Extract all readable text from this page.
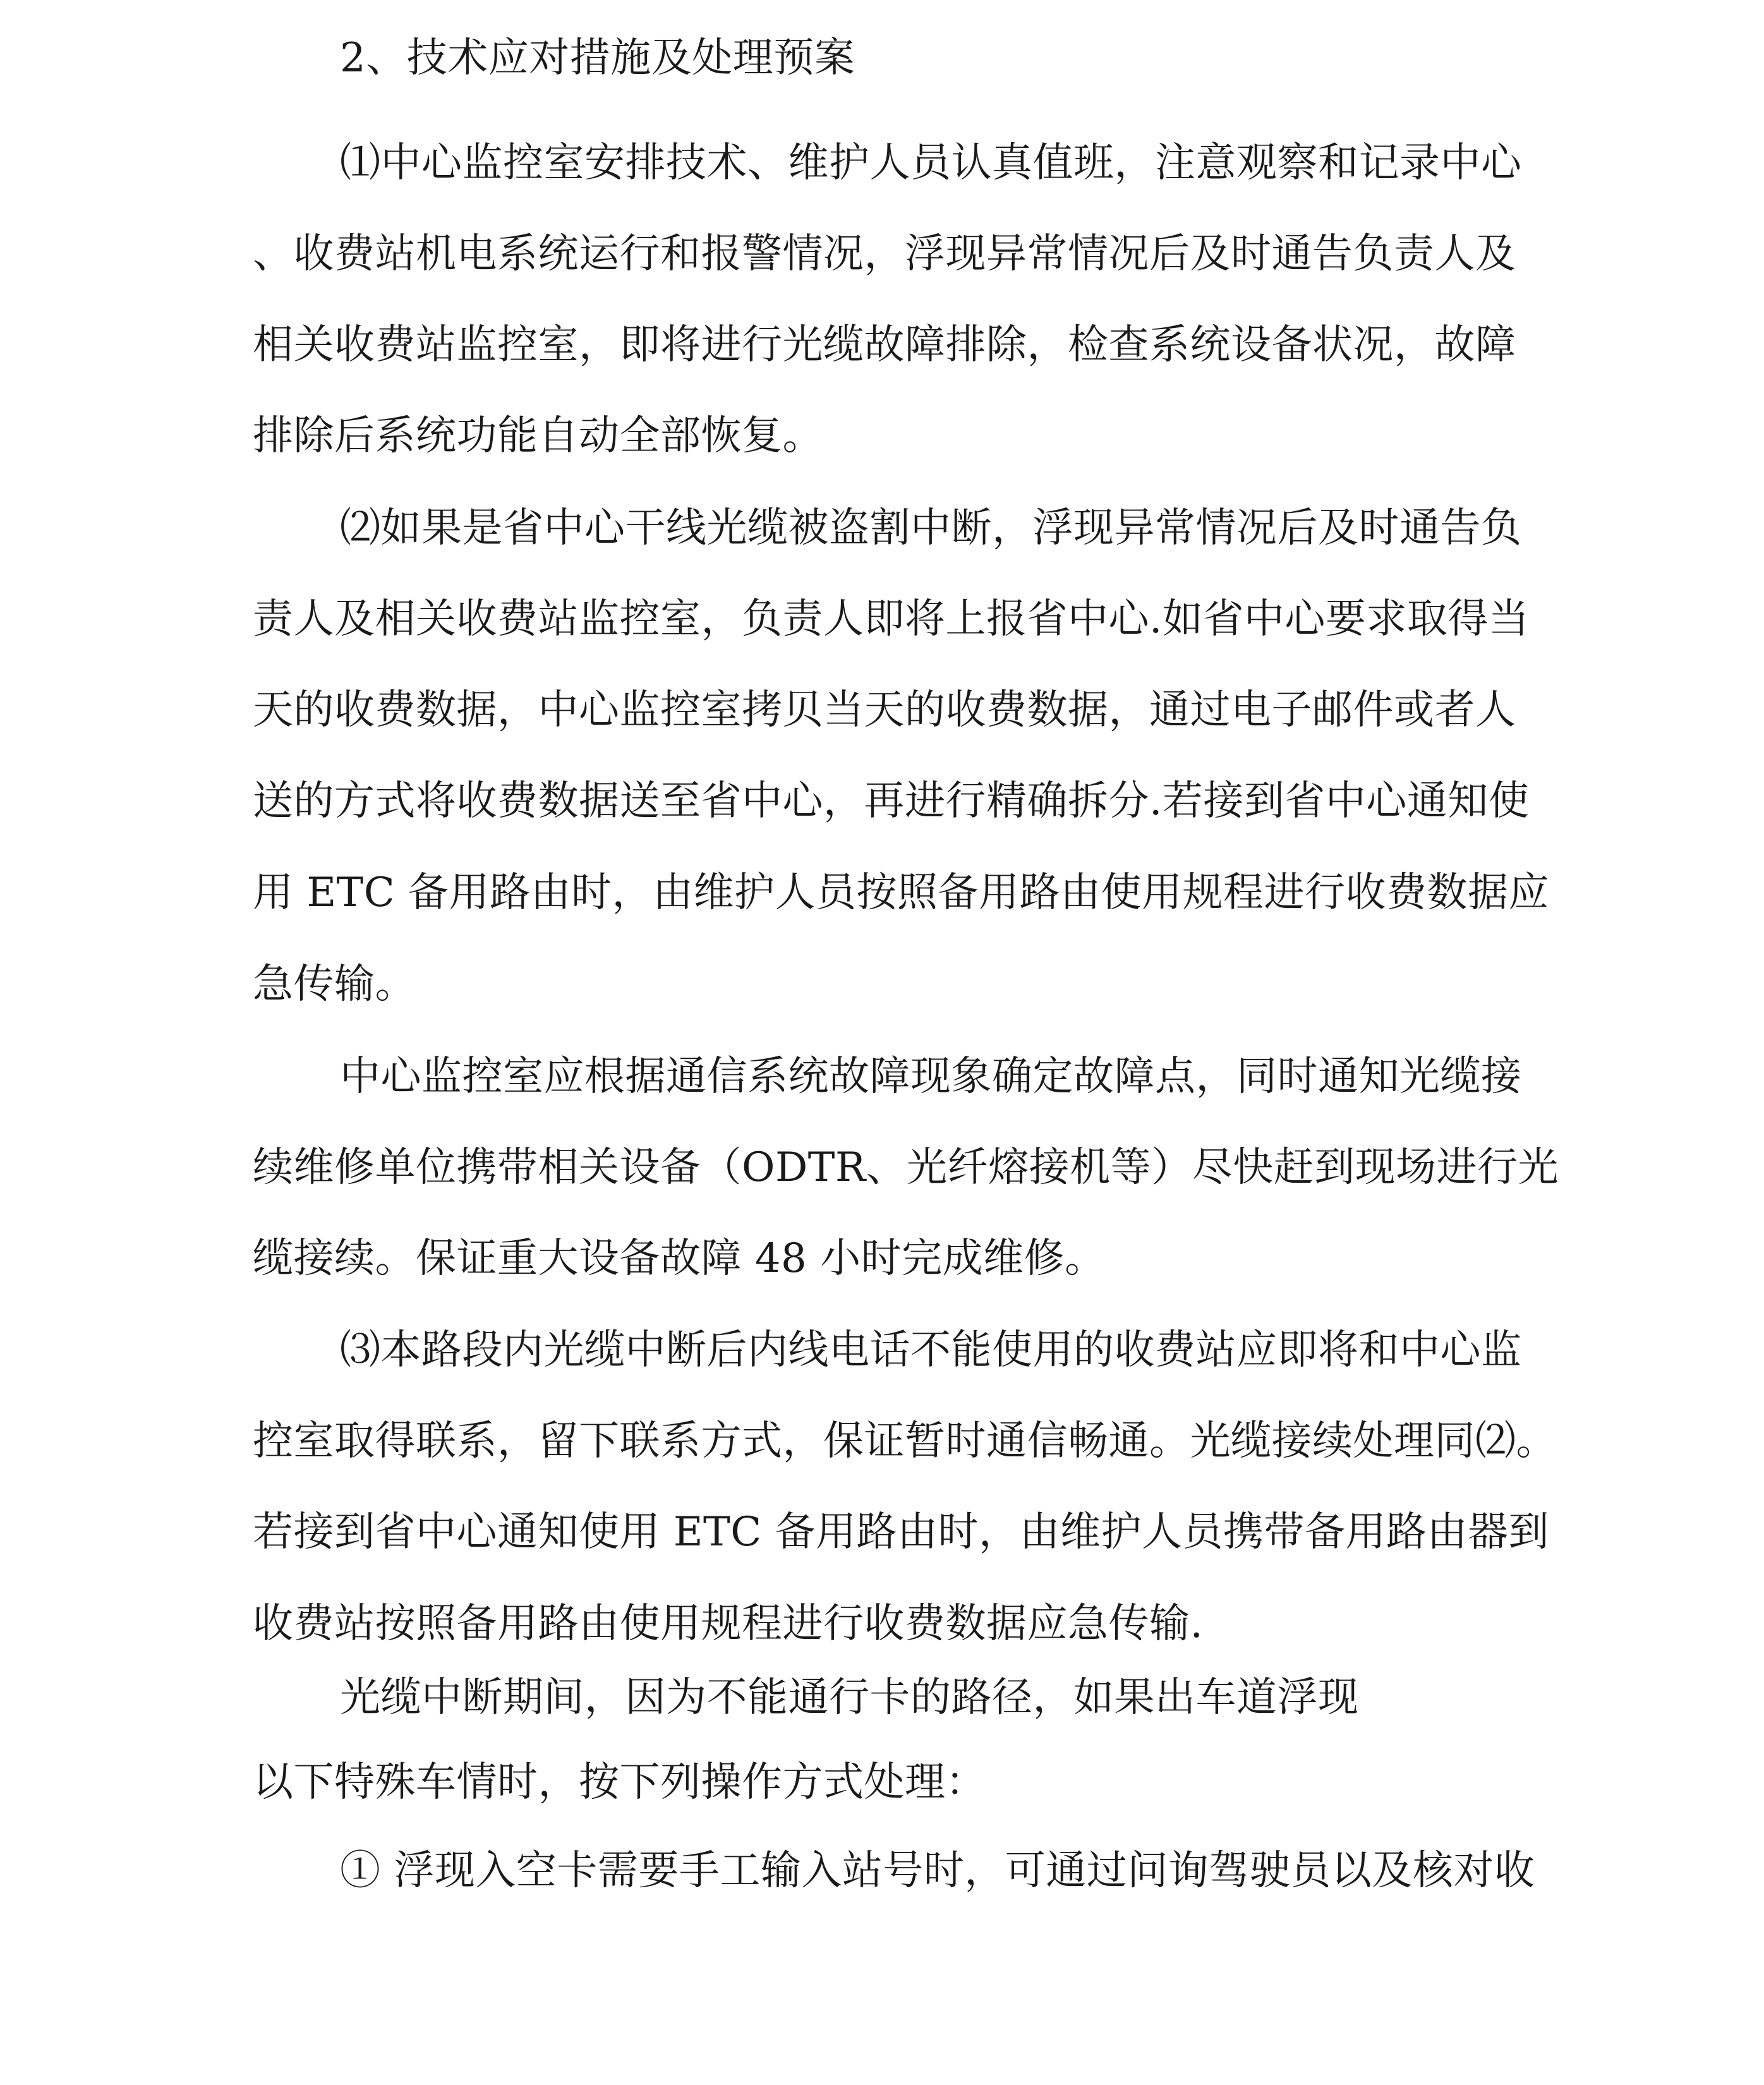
2、技术应对措施及处理预案
⑴中心监控室安排技术、维护人员认真值班，注意观察和记录中心
、收费站机电系统运行和报警情况，浮现异常情况后及时通告负责人及
相关收费站监控室，即将进行光缆故障排除，检查系统设备状况，故障
排除后系统功能自动全部恢复。
⑵如果是省中心干线光缆被盗割中断，浮现异常情况后及时通告负
责人及相关收费站监控室，负责人即将上报省中心.如省中心要求取得当
天的收费数据，中心监控室拷贝当天的收费数据，通过电子邮件或者人
送的方式将收费数据送至省中心，再进行精确拆分.若接到省中心通知使
用 ETC 备用路由时，由维护人员按照备用路由使用规程进行收费数据应
急传输。
中心监控室应根据通信系统故障现象确定故障点，同时通知光缆接
续维修单位携带相关设备（ODTR、光纤熔接机等）尽快赶到现场进行光
缆接续。保证重大设备故障 48 小时完成维修。
⑶本路段内光缆中断后内线电话不能使用的收费站应即将和中心监
控室取得联系，留下联系方式，保证暂时通信畅通。光缆接续处理同⑵。
若接到省中心通知使用 ETC 备用路由时，由维护人员携带备用路由器到
收费站按照备用路由使用规程进行收费数据应急传输.
光缆中断期间，因为不能通行卡的路径，如果出车道浮现
以下特殊车情时，按下列操作方式处理：
① 浮现入空卡需要手工输入站号时，可通过问询驾驶员以及核对收
